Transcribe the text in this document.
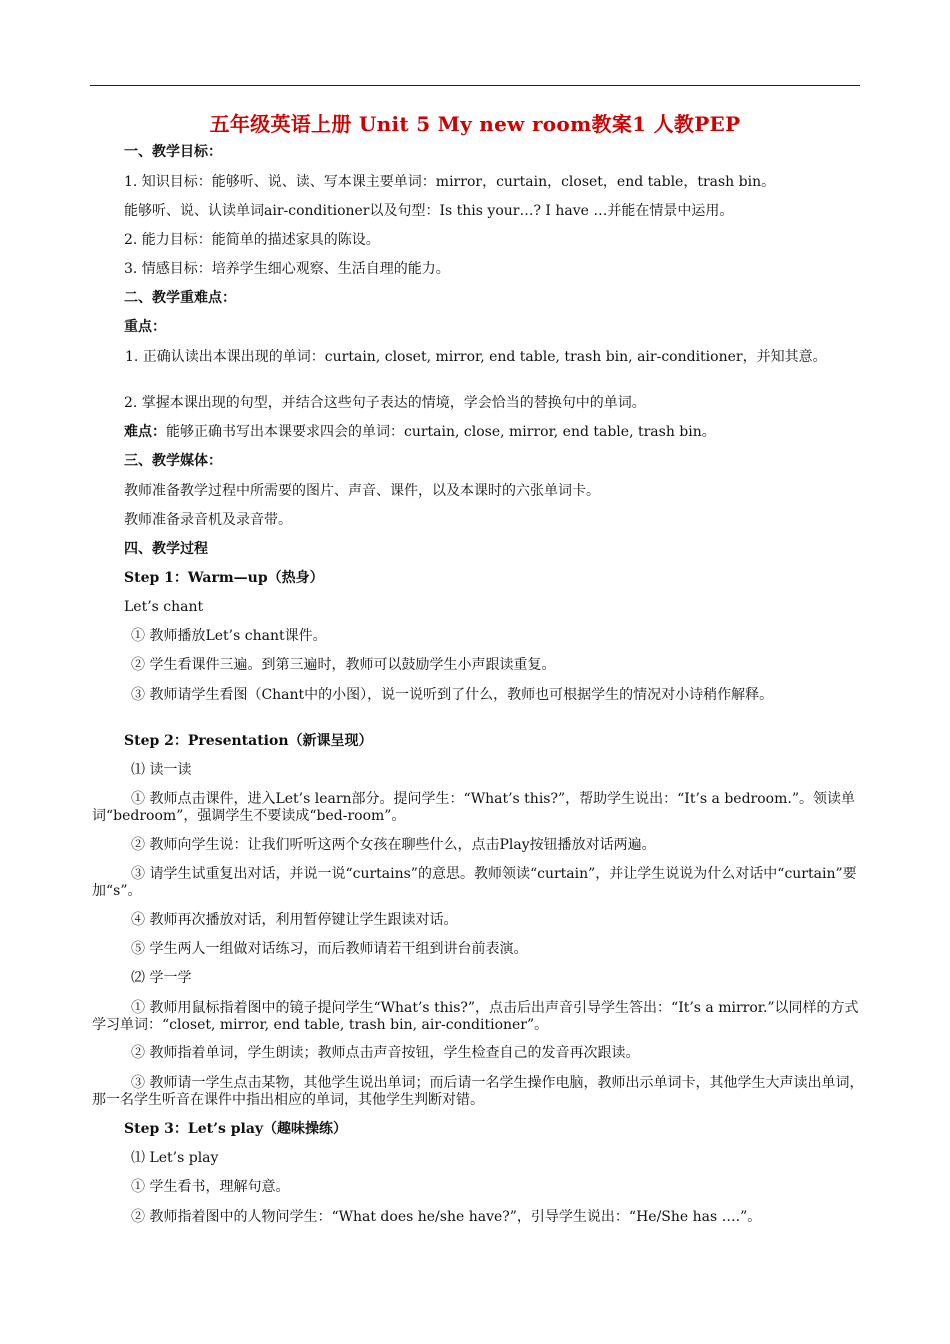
五年级英语上册 Unit 5 My new room教案1 人教PEP
一、教学目标：
1. 知识目标：能够听、说、读、写本课主要单词：mirror，curtain，closet，end table，trash bin。
能够听、说、认读单词air-conditioner以及句型：Is this your…? I have …并能在情景中运用。
2. 能力目标：能简单的描述家具的陈设。
3. 情感目标：培养学生细心观察、生活自理的能力。
二、教学重难点：
重点：
1. 正确认读出本课出现的单词：curtain, closet, mirror, end table, trash bin, air-conditioner，并知其意。
2. 掌握本课出现的句型，并结合这些句子表达的情境，学会恰当的替换句中的单词。
难点：能够正确书写出本课要求四会的单词：curtain, close, mirror, end table, trash bin。
三、教学媒体：
教师准备教学过程中所需要的图片、声音、课件，以及本课时的六张单词卡。
教师准备录音机及录音带。
四、教学过程
Step 1：Warm—up（热身）
Let’s chant
① 教师播放Let’s chant课件。
② 学生看课件三遍。到第三遍时，教师可以鼓励学生小声跟读重复。
③ 教师请学生看图（Chant中的小图），说一说听到了什么，教师也可根据学生的情况对小诗稍作解释。
Step 2：Presentation（新课呈现）
⑴ 读一读
① 教师点击课件，进入Let’s learn部分。提问学生：“What’s this?”，帮助学生说出：“It’s a bedroom.”。领读单词“bedroom”，强调学生不要读成“bed-room”。
② 教师向学生说：让我们听听这两个女孩在聊些什么，点击Play按钮播放对话两遍。
③ 请学生试重复出对话，并说一说“curtains”的意思。教师领读“curtain”，并让学生说说为什么对话中“curtain”要加“s”。
④ 教师再次播放对话，利用暂停键让学生跟读对话。
⑤ 学生两人一组做对话练习，而后教师请若干组到讲台前表演。
⑵ 学一学
① 教师用鼠标指着图中的镜子提问学生“What’s this?”，点击后出声音引导学生答出：“It’s a mirror.”以同样的方式学习单词：“closet, mirror, end table, trash bin, air-conditioner”。
② 教师指着单词，学生朗读；教师点击声音按钮，学生检查自己的发音再次跟读。
③ 教师请一学生点击某物，其他学生说出单词；而后请一名学生操作电脑，教师出示单词卡，其他学生大声读出单词，那一名学生听音在课件中指出相应的单词，其他学生判断对错。
Step 3：Let’s play（趣味操练）
⑴ Let’s play
① 学生看书，理解句意。
② 教师指着图中的人物问学生：“What does he/she have?”，引导学生说出：“He/She has ….”。
